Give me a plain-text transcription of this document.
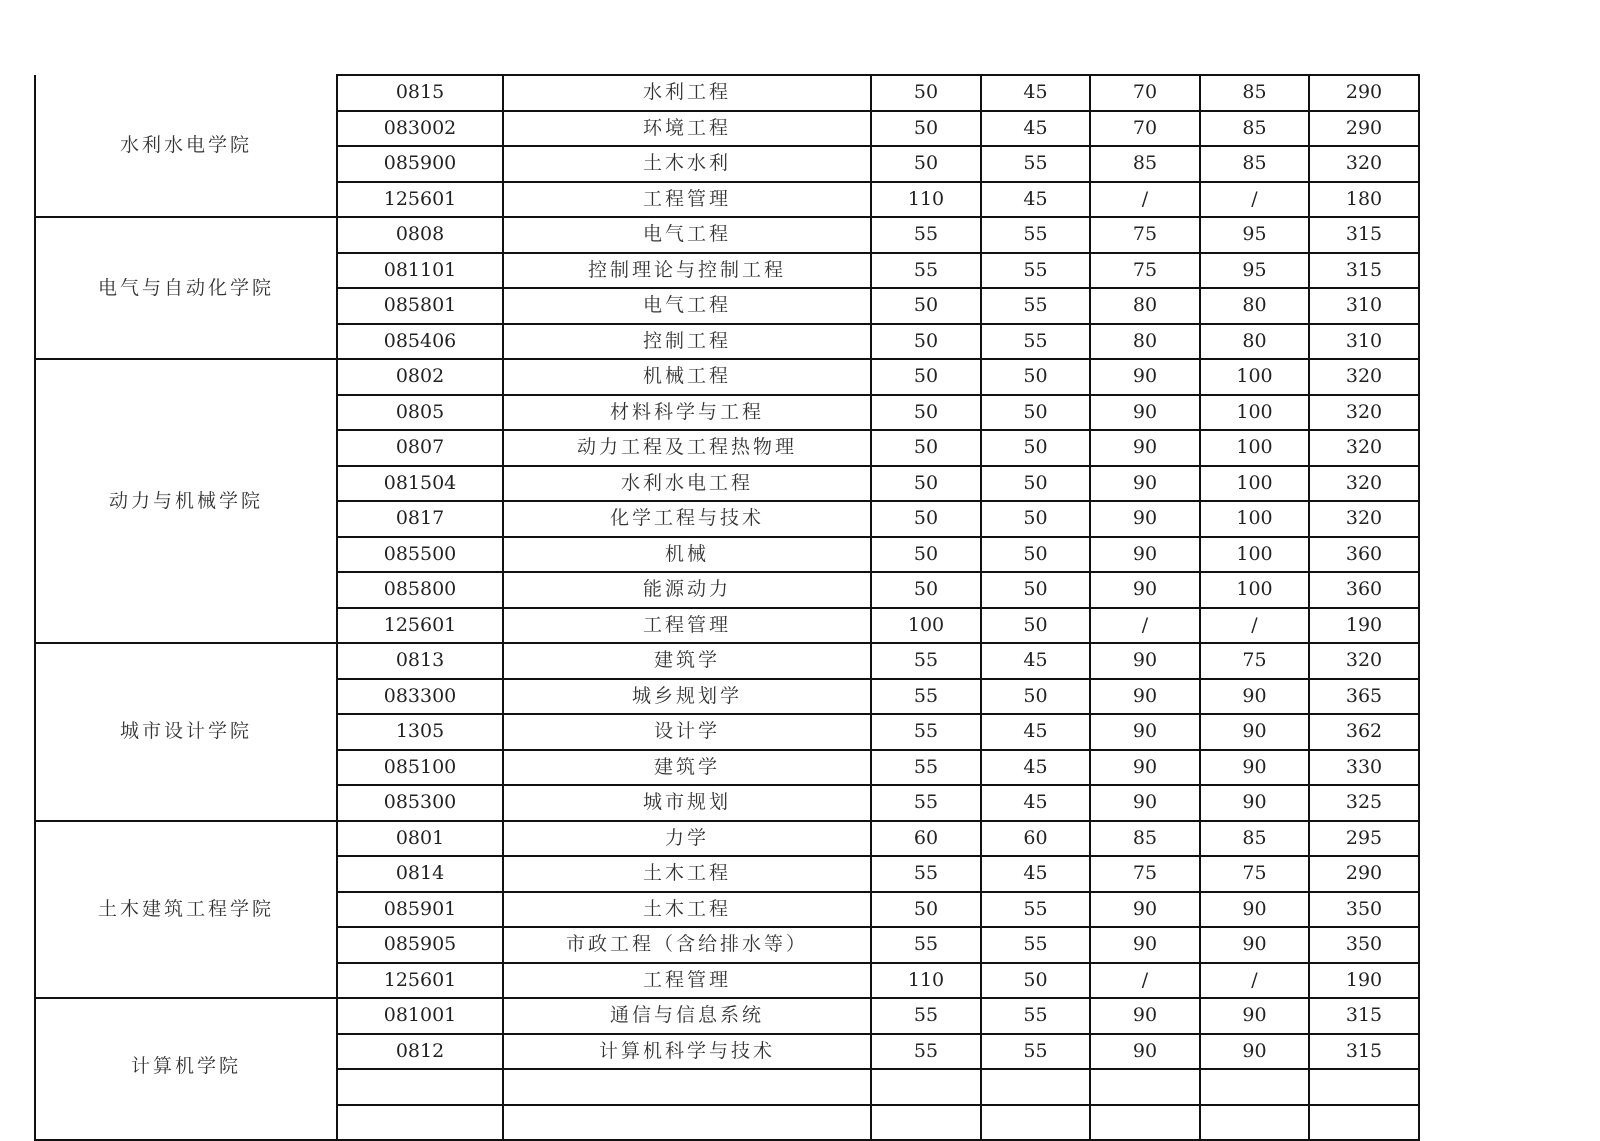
水利水电学院	0815	水利工程	50	45	70	85	290
	083002	环境工程	50	45	70	85	290
	085900	土木水利	50	55	85	85	320
	125601	工程管理	110	45	/	/	180
电气与自动化学院	0808	电气工程	55	55	75	95	315
	081101	控制理论与控制工程	55	55	75	95	315
	085801	电气工程	50	55	80	80	310
	085406	控制工程	50	55	80	80	310
动力与机械学院	0802	机械工程	50	50	90	100	320
	0805	材料科学与工程	50	50	90	100	320
	0807	动力工程及工程热物理	50	50	90	100	320
	081504	水利水电工程	50	50	90	100	320
	0817	化学工程与技术	50	50	90	100	320
	085500	机械	50	50	90	100	360
	085800	能源动力	50	50	90	100	360
	125601	工程管理	100	50	/	/	190
城市设计学院	0813	建筑学	55	45	90	75	320
	083300	城乡规划学	55	50	90	90	365
	1305	设计学	55	45	90	90	362
	085100	建筑学	55	45	90	90	330
	085300	城市规划	55	45	90	90	325
土木建筑工程学院	0801	力学	60	60	85	85	295
	0814	土木工程	55	45	75	75	290
	085901	土木工程	50	55	90	90	350
	085905	市政工程（含给排水等）	55	55	90	90	350
	125601	工程管理	110	50	/	/	190
计算机学院	081001	通信与信息系统	55	55	90	90	315
	0812	计算机科学与技术	55	55	90	90	315
